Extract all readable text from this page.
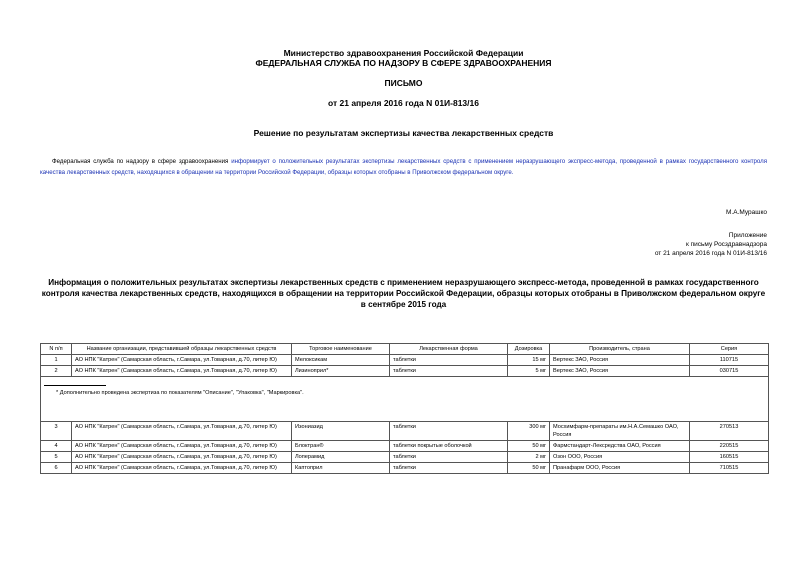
Министерство здравоохранения Российской Федерации
ФЕДЕРАЛЬНАЯ СЛУЖБА ПО НАДЗОРУ В СФЕРЕ ЗДРАВООХРАНЕНИЯ
ПИСЬМО
от 21 апреля 2016 года N 01И-813/16
Решение по результатам экспертизы качества лекарственных средств
Федеральная служба по надзору в сфере здравоохранения информирует о положительных результатах экспертизы лекарственных средств с применением неразрушающего экспресс-метода, проведенной в рамках государственного контроля качества лекарственных средств, находящихся в обращении на территории Российской Федерации, образцы которых отобраны в Приволжском федеральном округе.
М.А.Мурашко
Приложение
к письму Росздравнадзора
от 21 апреля 2016 года N 01И-813/16
Информация о положительных результатах экспертизы лекарственных средств с применением неразрушающего экспресс-метода, проведенной в рамках государственного контроля качества лекарственных средств, находящихся в обращении на территории Российской Федерации, образцы которых отобраны в Приволжском федеральном округе в сентябре 2015 года
N п/п	Название организации, представившей образцы лекарственных средств	Торговое наименование	Лекарственная форма	Дозировка	Производитель, страна	Серия
1	АО НПК "Катрен" (Самарская область, г.Самара, ул.Товарная, д.70, литер Ю)	Мелоксикам	таблетки	15 мг	Вертекс ЗАО, Россия	110715
2	АО НПК "Катрен" (Самарская область, г.Самара, ул.Товарная, д.70, литер Ю)	Лизиноприл*	таблетки	5 мг	Вертекс ЗАО, Россия	030715

* Дополнительно проведена экспертиза по показателям "Описание", "Упаковка", "Маркировка".						

3	АО НПК "Катрен" (Самарская область, г.Самара, ул.Товарная, д.70, литер Ю)	Изониазид	таблетки	300 мг	Мосхимфарм-препараты им.Н.А.Семашко ОАО, Россия	270513
4	АО НПК "Катрен" (Самарская область, г.Самара, ул.Товарная, д.70, литер Ю)	Блоктран®	таблетки покрытые оболочкой	50 мг	Фармстандарт-Лексредства ОАО, Россия	220515
5	АО НПК "Катрен" (Самарская область, г.Самара, ул.Товарная, д.70, литер Ю)	Лоперамид	таблетки	2 мг	Озон ООО, Россия	160515
6	АО НПК "Катрен" (Самарская область, г.Самара, ул.Товарная, д.70, литер Ю)	Каптоприл	таблетки	50 мг	Пранафарм ООО, Россия	710515
